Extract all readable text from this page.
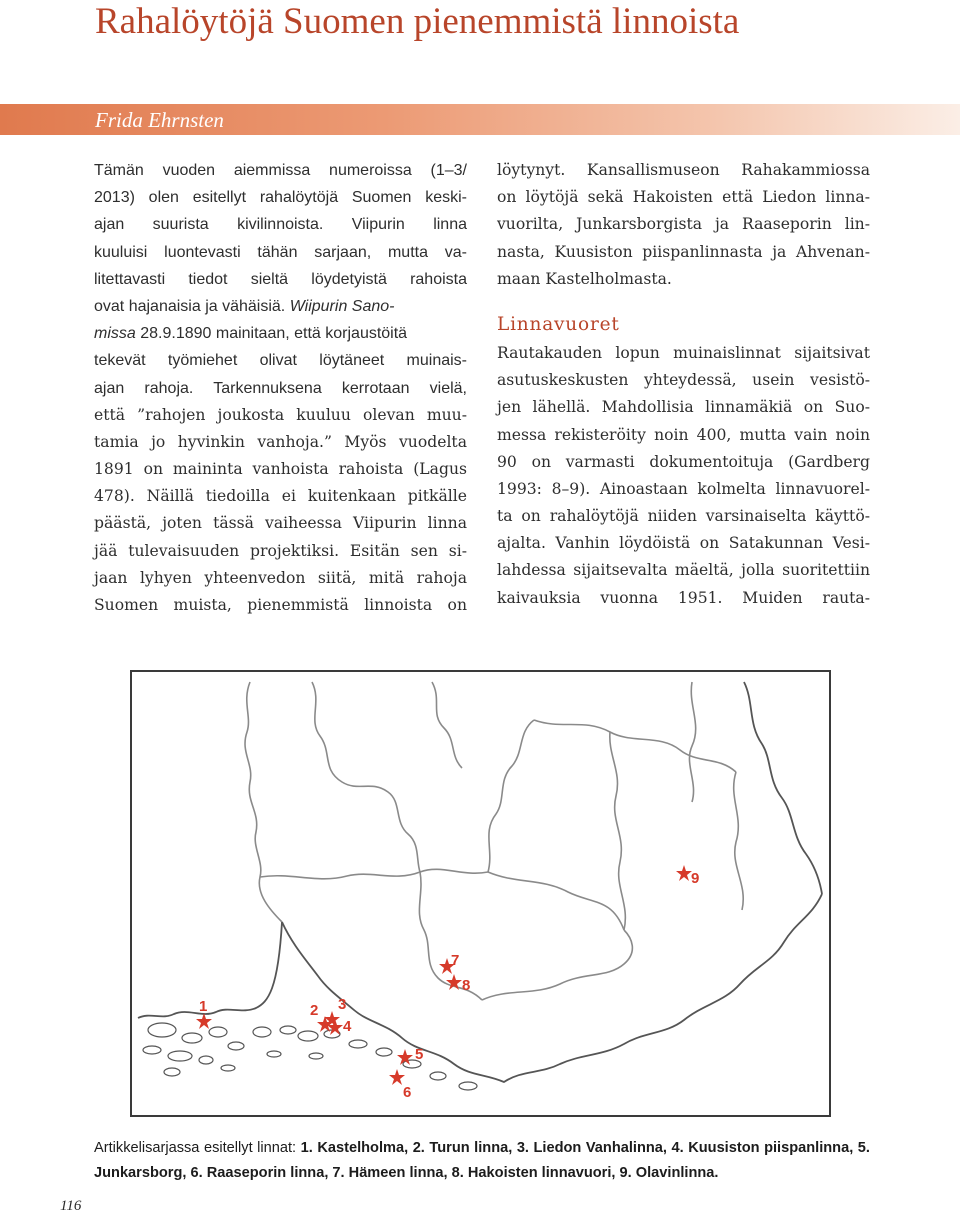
Rahalöytöjä Suomen pienemmistä linnoista

Frida Ehrnsten

Tämän vuoden aiemmissa numeroissa (1–3/
2013) olen esitellyt rahalöytöjä Suomen keski-
ajan suurista kivilinnoista. Viipurin linna
kuuluisi luontevasti tähän sarjaan, mutta va-
litettavasti tiedot sieltä löydetyistä rahoista
ovat hajanaisia ja vähäisiä. Wiipurin Sano-
missa 28.9.1890 mainitaan, että korjaustöitä
tekevät työmiehet olivat löytäneet muinais-
ajan rahoja. Tarkennuksena kerrotaan vielä,
että ”rahojen joukosta kuuluu olevan muu-
tamia jo hyvinkin vanhoja.” Myös vuodelta
1891 on maininta vanhoista rahoista (Lagus
478). Näillä tiedoilla ei kuitenkaan pitkälle
päästä, joten tässä vaiheessa Viipurin linna
jää tulevaisuuden projektiksi. Esitän sen si-
jaan lyhyen yhteenvedon siitä, mitä rahoja
Suomen muista, pienemmistä linnoista on
löytynyt. Kansallismuseon Rahakammiossa
on löytöjä sekä Hakoisten että Liedon linna-
vuorilta, Junkarsborgista ja Raaseporin lin-
nasta, Kuusiston piispanlinnasta ja Ahvenan-
maan Kastelholmasta.
Linnavuoret
Rautakauden lopun muinaislinnat sijaitsivat
asutuskeskusten yhteydessä, usein vesistö-
jen lähellä. Mahdollisia linnamäkiä on Suo-
messa rekisteröity noin 400, mutta vain noin
90 on varmasti dokumentoituja (Gardberg
1993: 8–9). Ainoastaan kolmelta linnavuorel-
ta on rahalöytöjä niiden varsinaiselta käyttö-
ajalta. Vanhin löydöistä on Satakunnan Vesi-
lahdessa sijaitsevalta mäeltä, jolla suoritettiin
kaivauksia vuonna 1951. Muiden rauta-
1	2 3
4
5
6
7
8
9

Artikkelisarjassa esitellyt linnat: 1. Kastelholma, 2. Turun linna, 3. Liedon Vanhalinna, 4. Kuusiston piispanlinna, 5. Junkarsborg, 6. Raaseporin linna, 7. Hämeen linna, 8. Hakoisten linnavuori, 9. Olavinlinna.

116
